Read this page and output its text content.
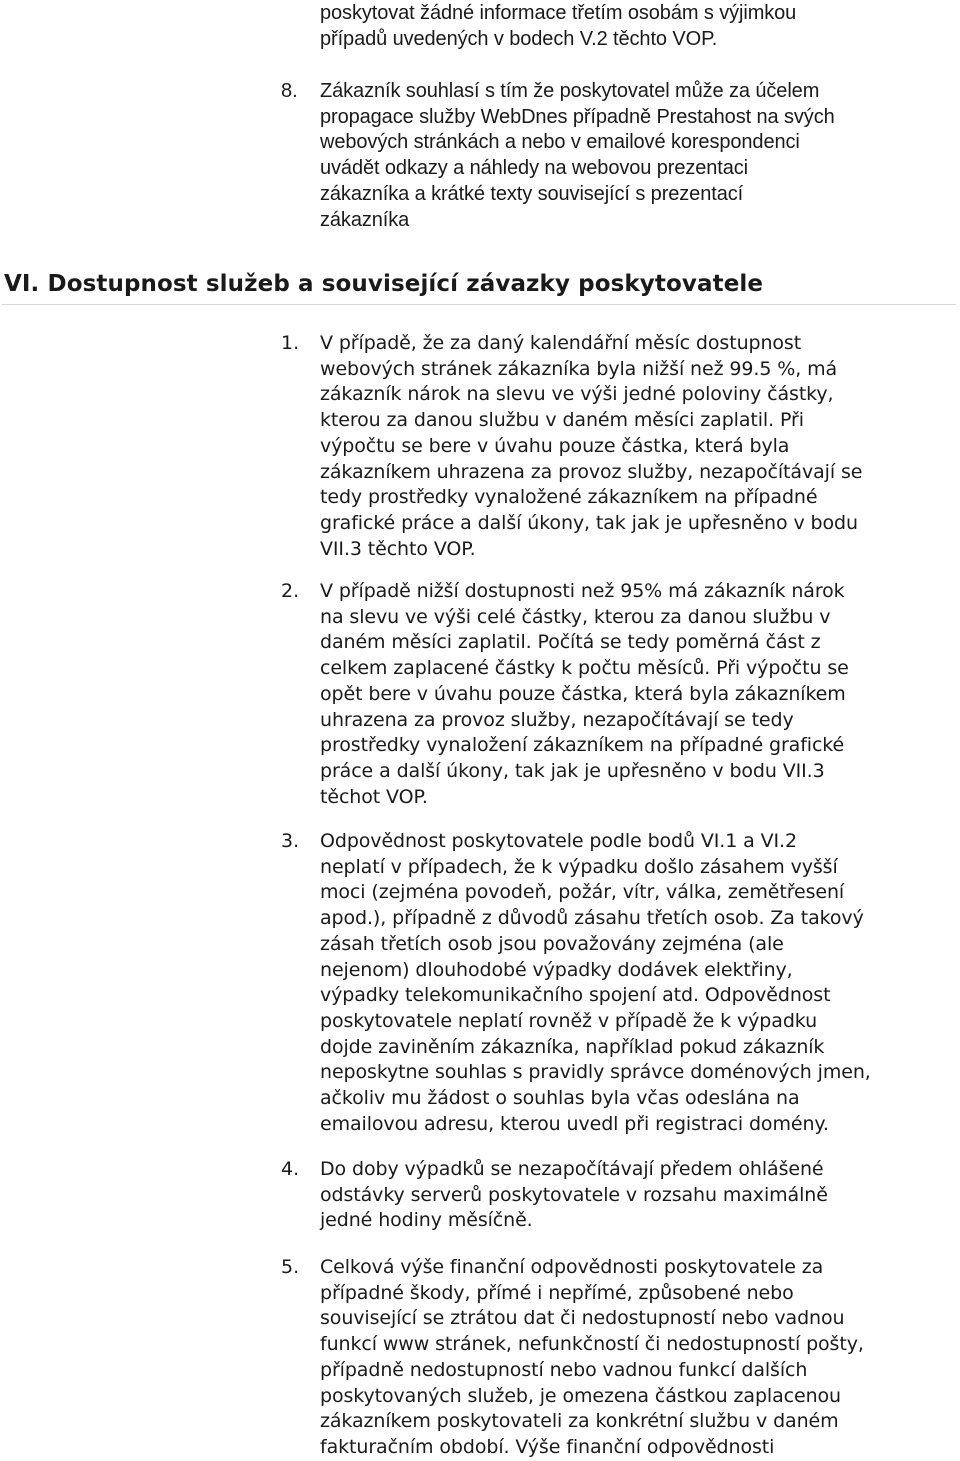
poskytovat žádné informace třetím osobám s výjimkou
případů uvedených v bodech V.2 těchto VOP.
8.	Zákazník souhlasí s tím že poskytovatel může za účelem
propagace služby WebDnes případně Prestahost na svých
webových stránkách a nebo v emailové korespondenci
uvádět odkazy a náhledy na webovou prezentaci
zákazníka a krátké texty související s prezentací
zákazníka
VI. Dostupnost služeb a související závazky poskytovatele
1.	V případě, že za daný kalendářní měsíc dostupnost
webových stránek zákazníka byla nižší než 99.5 %, má
zákazník nárok na slevu ve výši jedné poloviny částky,
kterou za danou službu v daném měsíci zaplatil. Při
výpočtu se bere v úvahu pouze částka, která byla
zákazníkem uhrazena za provoz služby, nezapočítávají se
tedy prostředky vynaložené zákazníkem na případné
grafické práce a další úkony, tak jak je upřesněno v bodu
VII.3 těchto VOP.
2.	V případě nižší dostupnosti než 95% má zákazník nárok
na slevu ve výši celé částky, kterou za danou službu v
daném měsíci zaplatil. Počítá se tedy poměrná část z
celkem zaplacené částky k počtu měsíců. Při výpočtu se
opět bere v úvahu pouze částka, která byla zákazníkem
uhrazena za provoz služby, nezapočítávají se tedy
prostředky vynaložení zákazníkem na případné grafické
práce a další úkony, tak jak je upřesněno v bodu VII.3
těchot VOP.
3.	Odpovědnost poskytovatele podle bodů VI.1 a VI.2
neplatí v případech, že k výpadku došlo zásahem vyšší
moci (zejména povodeň, požár, vítr, válka, zemětřesení
apod.), případně z důvodů zásahu třetích osob. Za takový
zásah třetích osob jsou považovány zejména (ale
nejenom) dlouhodobé výpadky dodávek elektřiny,
výpadky telekomunikačního spojení atd. Odpovědnost
poskytovatele neplatí rovněž v případě že k výpadku
dojde zaviněním zákazníka, například pokud zákazník
neposkytne souhlas s pravidly správce doménových jmen,
ačkoliv mu žádost o souhlas byla včas odeslána na
emailovou adresu, kterou uvedl při registraci domény.
4.	Do doby výpadků se nezapočítávají předem ohlášené
odstávky serverů poskytovatele v rozsahu maximálně
jedné hodiny měsíčně.
5.	Celková výše finanční odpovědnosti poskytovatele za
případné škody, přímé i nepřímé, způsobené nebo
související se ztrátou dat či nedostupností nebo vadnou
funkcí www stránek, nefunkčností či nedostupností pošty,
případně nedostupností nebo vadnou funkcí dalších
poskytovaných služeb, je omezena částkou zaplacenou
zákazníkem poskytovateli za konkrétní službu v daném
fakturačním období. Výše finanční odpovědnosti
